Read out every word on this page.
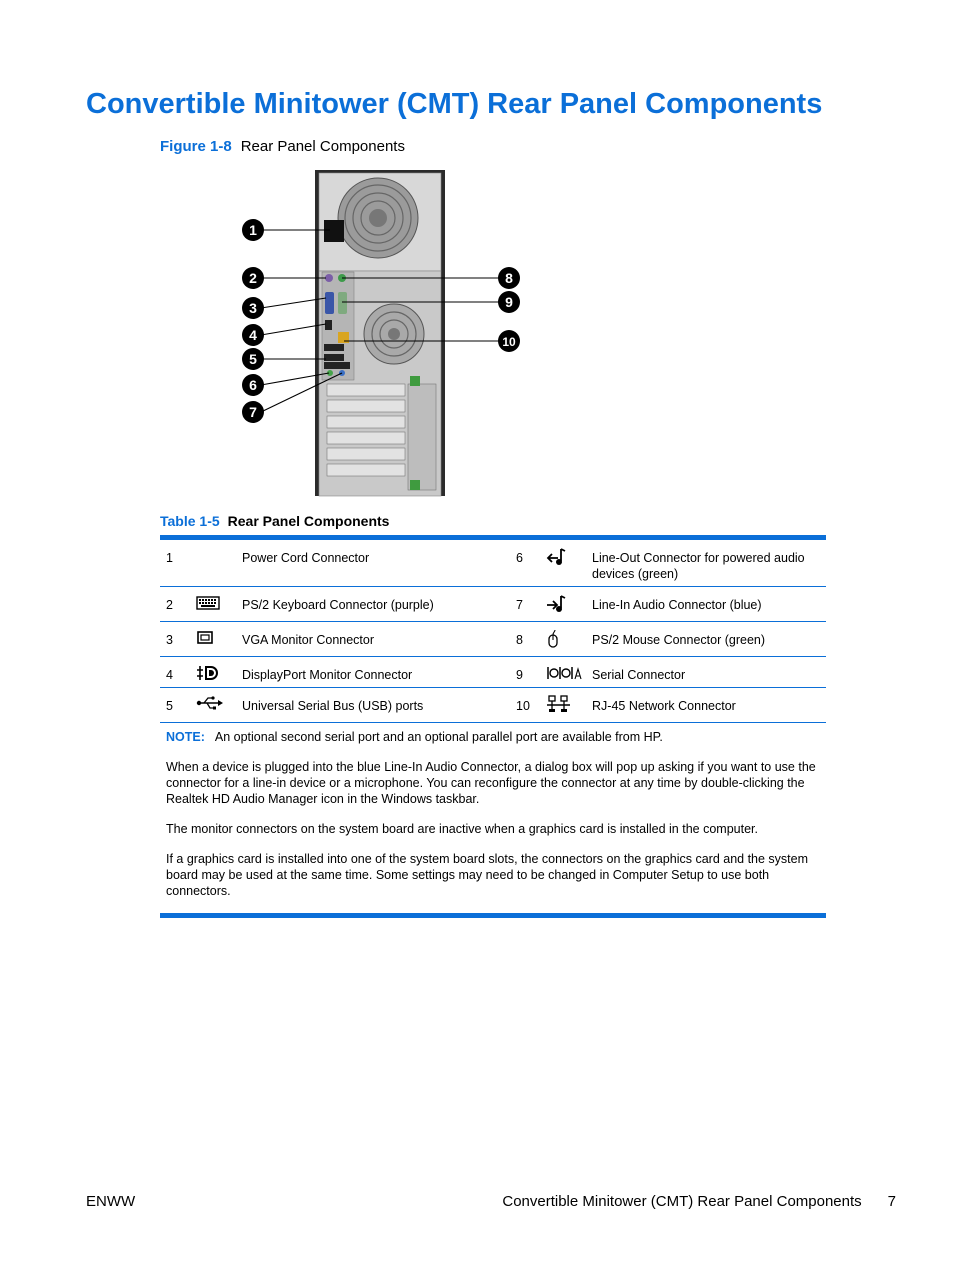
Convertible Minitower (CMT) Rear Panel Components
Figure 1-8 Rear Panel Components
1
2
3
4
5
6
7
8
9
10
Table 1-5 Rear Panel Components
1	Power Cord Connector	6	Line-Out Connector for powered audio devices (green)
2	PS/2 Keyboard Connector (purple)	7	Line-In Audio Connector (blue)
3	VGA Monitor Connector	8	PS/2 Mouse Connector (green)
4	DisplayPort Monitor Connector	9	Serial Connector
5	Universal Serial Bus (USB) ports	10	RJ-45 Network Connector

NOTE: An optional second serial port and an optional parallel port are available from HP.

When a device is plugged into the blue Line-In Audio Connector, a dialog box will pop up asking if you want to use the connector for a line-in device or a microphone. You can reconfigure the connector at any time by double-clicking the Realtek HD Audio Manager icon in the Windows taskbar.

The monitor connectors on the system board are inactive when a graphics card is installed in the computer.

If a graphics card is installed into one of the system board slots, the connectors on the graphics card and the system board may be used at the same time. Some settings may need to be changed in Computer Setup to use both connectors.

ENWW	Convertible Minitower (CMT) Rear Panel Components 7
